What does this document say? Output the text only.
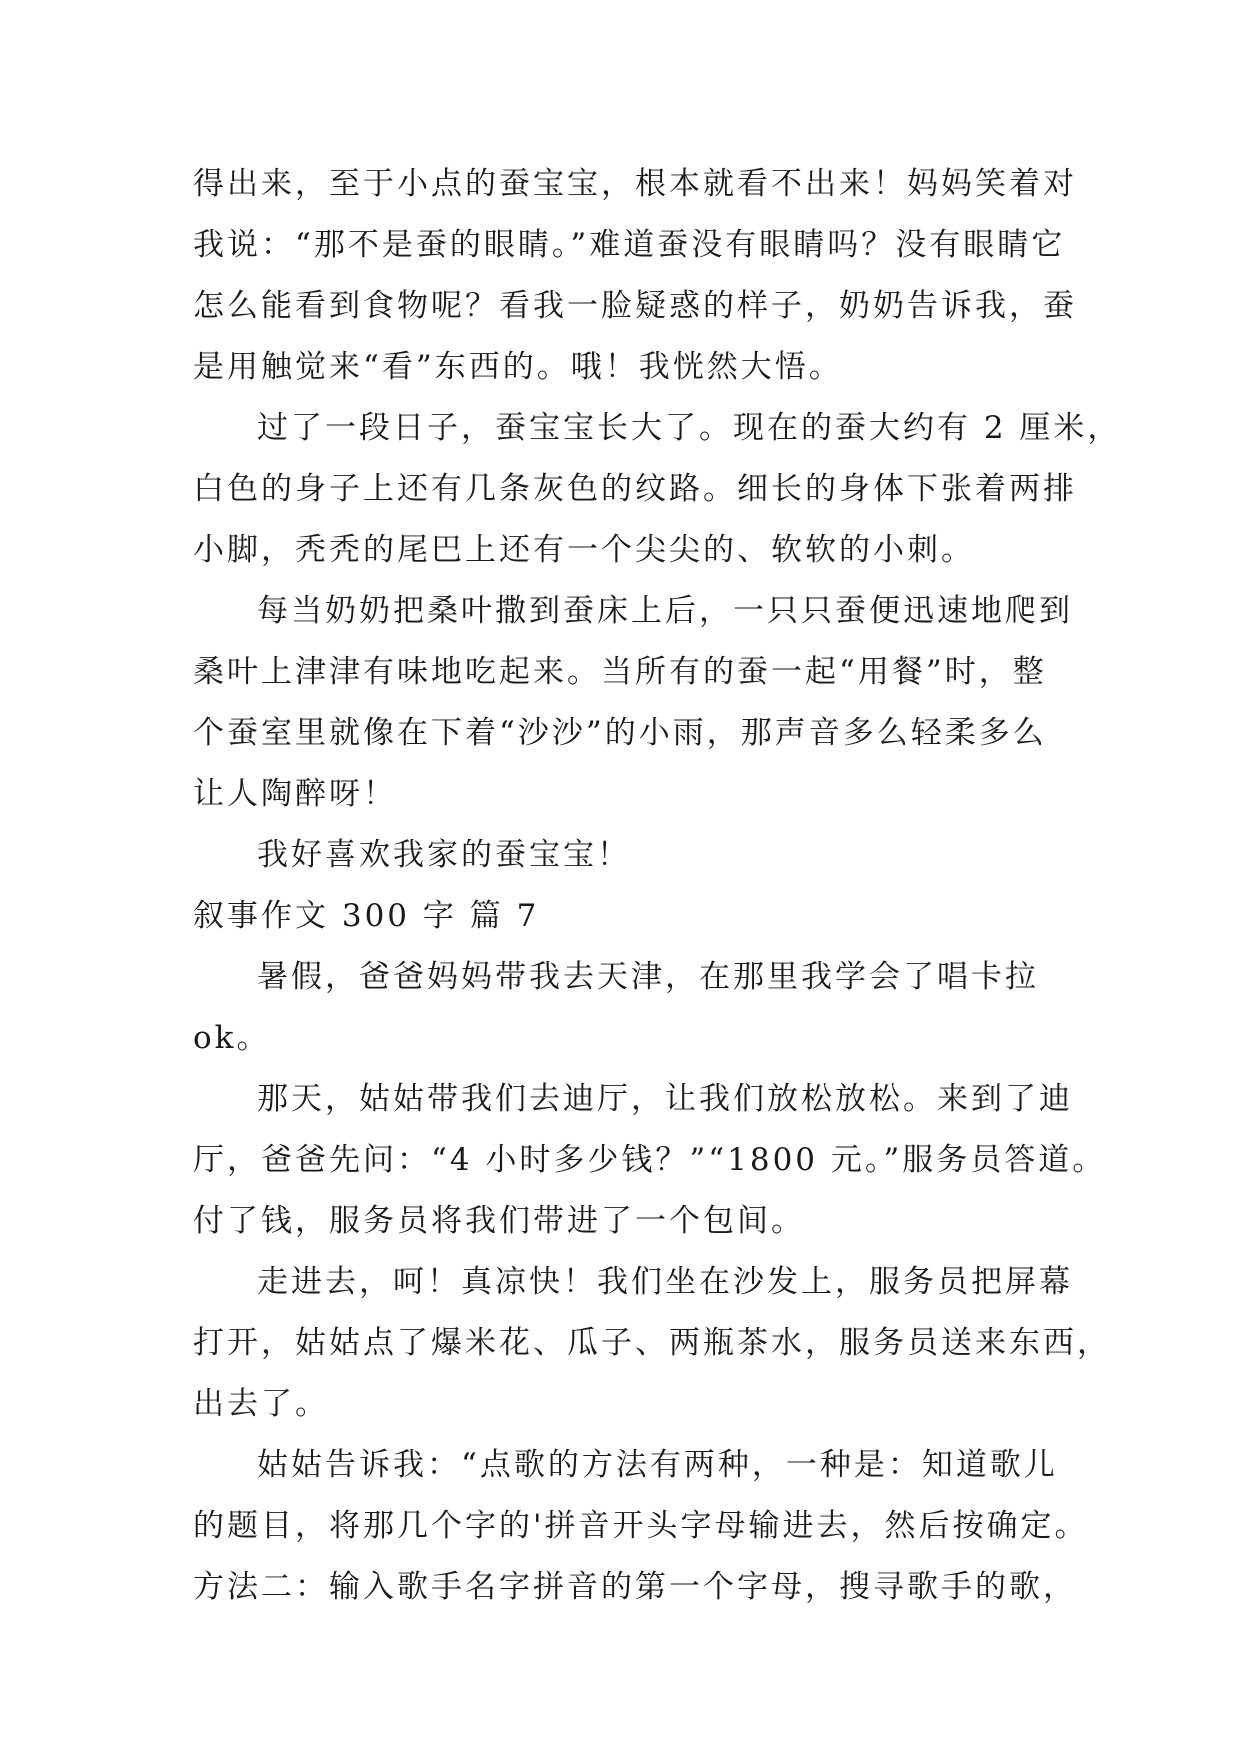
得出来，至于小点的蚕宝宝，根本就看不出来！妈妈笑着对
我说：“那不是蚕的眼睛。”难道蚕没有眼睛吗？没有眼睛它
怎么能看到食物呢？看我一脸疑惑的样子，奶奶告诉我，蚕
是用触觉来“看”东西的。哦！我恍然大悟。
过了一段日子，蚕宝宝长大了。现在的蚕大约有 2 厘米，
白色的身子上还有几条灰色的纹路。细长的身体下张着两排
小脚，秃秃的尾巴上还有一个尖尖的、软软的小刺。
每当奶奶把桑叶撒到蚕床上后，一只只蚕便迅速地爬到
桑叶上津津有味地吃起来。当所有的蚕一起“用餐”时，整
个蚕室里就像在下着“沙沙”的小雨，那声音多么轻柔多么
让人陶醉呀！
我好喜欢我家的蚕宝宝！
叙事作文 300 字 篇 7
暑假，爸爸妈妈带我去天津，在那里我学会了唱卡拉
ok。
那天，姑姑带我们去迪厅，让我们放松放松。来到了迪
厅，爸爸先问：“4 小时多少钱？”“1800 元。”服务员答道。
付了钱，服务员将我们带进了一个包间。
走进去，呵！真凉快！我们坐在沙发上，服务员把屏幕
打开，姑姑点了爆米花、瓜子、两瓶茶水，服务员送来东西，
出去了。
姑姑告诉我：“点歌的方法有两种，一种是：知道歌儿
的题目，将那几个字的'拼音开头字母输进去，然后按确定。
方法二：输入歌手名字拼音的第一个字母，搜寻歌手的歌，
